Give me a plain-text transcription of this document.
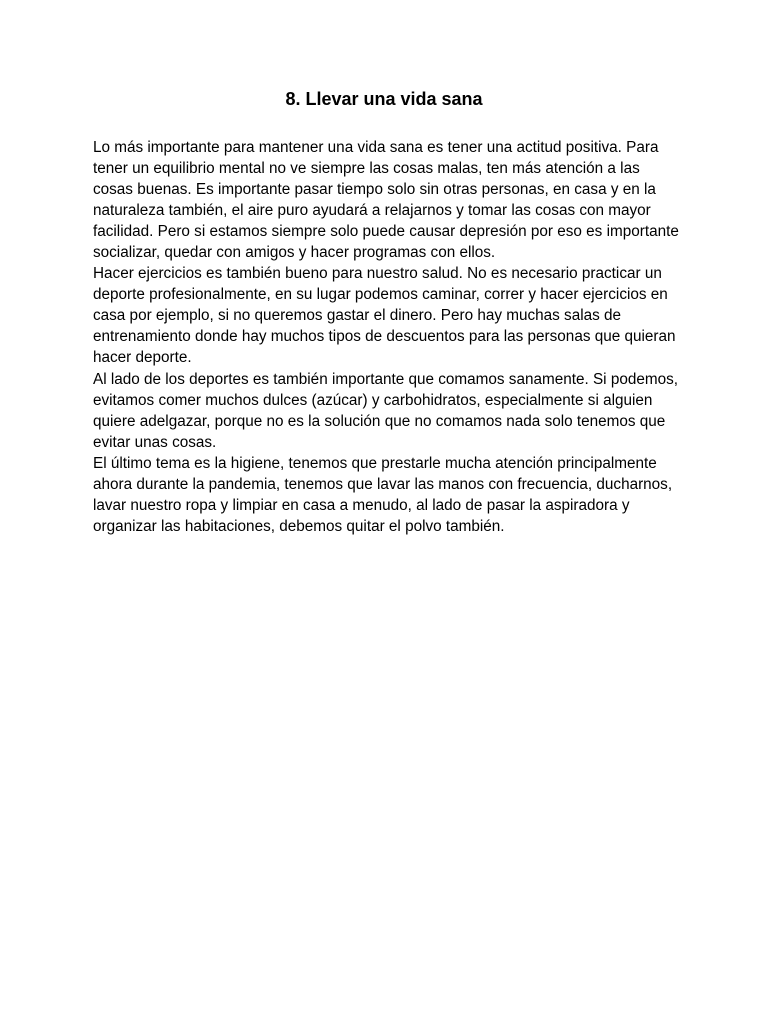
8. Llevar una vida sana

Lo más importante para mantener una vida sana es tener una actitud positiva. Para tener un equilibrio mental no ve siempre las cosas malas, ten más atención a las cosas buenas. Es importante pasar tiempo solo sin otras personas, en casa y en la naturaleza también, el aire puro ayudará a relajarnos y tomar las cosas con mayor facilidad. Pero si estamos siempre solo puede causar depresión por eso es importante socializar, quedar con amigos y hacer programas con ellos.

Hacer ejercicios es también bueno para nuestro salud. No es necesario practicar un deporte profesionalmente, en su lugar podemos caminar, correr y hacer ejercicios en casa por ejemplo, si no queremos gastar el dinero. Pero hay muchas salas de entrenamiento donde hay muchos tipos de descuentos para las personas que quieran hacer deporte.

Al lado de los deportes es también importante que comamos sanamente. Si podemos, evitamos comer muchos dulces (azúcar) y carbohidratos, especialmente si alguien quiere adelgazar, porque no es la solución que no comamos nada solo tenemos que evitar unas cosas.

El último tema es la higiene, tenemos que prestarle mucha atención principalmente ahora durante la pandemia, tenemos que lavar las manos con frecuencia, ducharnos, lavar nuestro ropa y limpiar en casa a menudo, al lado de pasar la aspiradora y organizar las habitaciones, debemos quitar el polvo también.
